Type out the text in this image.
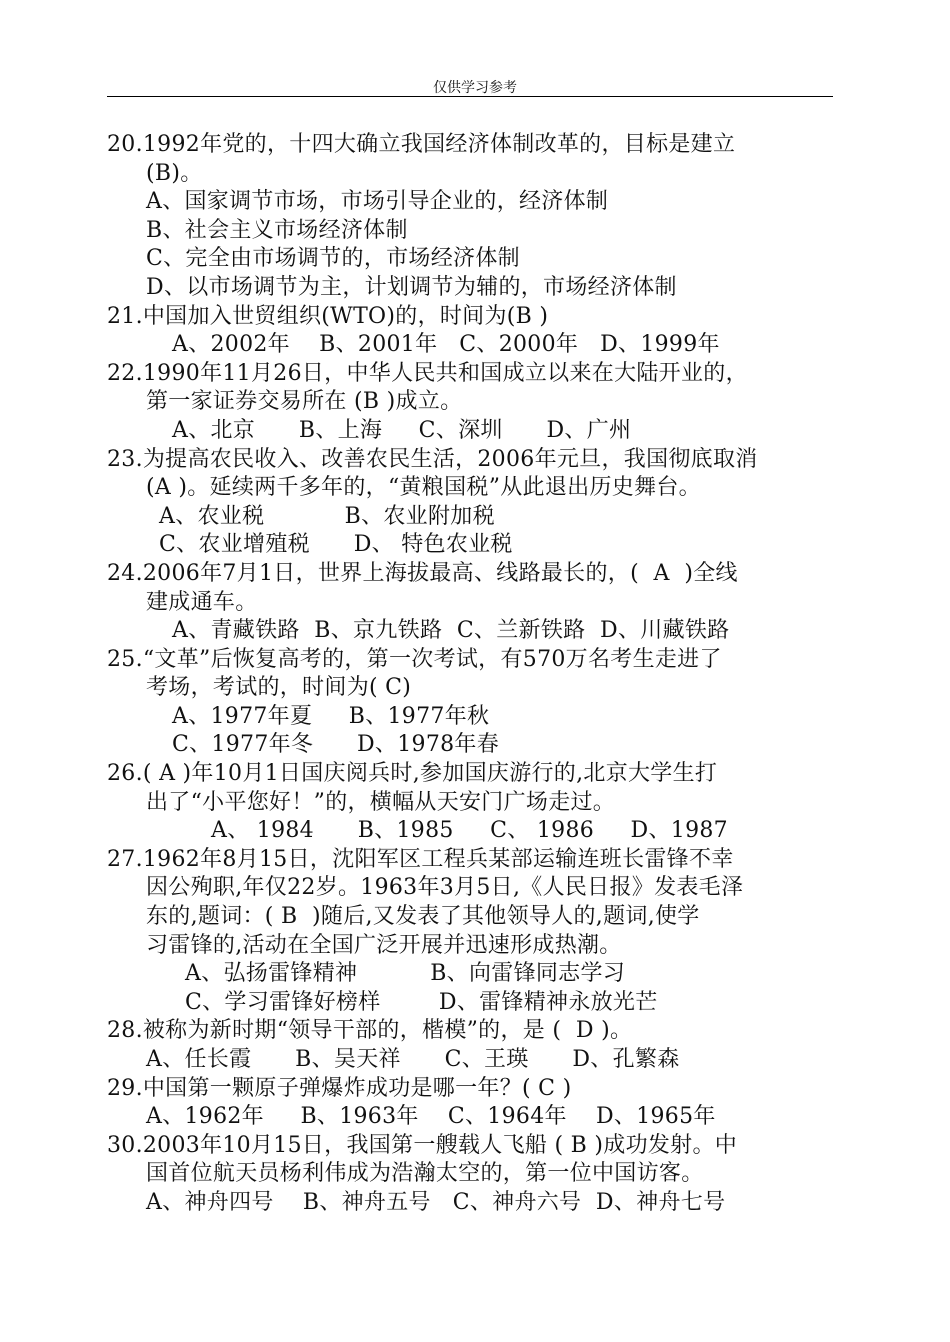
仅供学习参考
20.1992年党的，十四大确立我国经济体制改革的，目标是建立
(B)。
A、国家调节市场，市场引导企业的，经济体制
B、社会主义市场经济体制
C、完全由市场调节的，市场经济体制
D、以市场调节为主，计划调节为辅的，市场经济体制
21.中国加入世贸组织(WTO)的，时间为(B )
A、2002年    B、2001年   C、2000年   D、1999年
22.1990年11月26日，中华人民共和国成立以来在大陆开业的，
第一家证券交易所在 (B )成立。
A、北京      B、上海     C、深圳      D、广州
23.为提高农民收入、改善农民生活，2006年元旦，我国彻底取消
(A )。延续两千多年的，“黄粮国税”从此退出历史舞台。
A、农业税           B、农业附加税
C、农业增殖税      D、 特色农业税
24.2006年7月1日，世界上海拔最高、线路最长的，(  A  )全线
建成通车。
A、青藏铁路  B、京九铁路  C、兰新铁路  D、川藏铁路
25.“文革”后恢复高考的，第一次考试，有570万名考生走进了
考场，考试的，时间为( C)
A、1977年夏     B、1977年秋
C、1977年冬      D、1978年春
26.( A )年10月1日国庆阅兵时,参加国庆游行的,北京大学生打
出了“小平您好！”的，横幅从天安门广场走过。
A、 1984      B、1985     C、 1986     D、1987
27.1962年8月15日，沈阳军区工程兵某部运输连班长雷锋不幸
因公殉职,年仅22岁。1963年3月5日,《人民日报》发表毛泽
东的,题词：( B  )随后,又发表了其他领导人的,题词,使学
习雷锋的,活动在全国广泛开展并迅速形成热潮。
A、弘扬雷锋精神          B、向雷锋同志学习
C、学习雷锋好榜样        D、雷锋精神永放光芒
28.被称为新时期“领导干部的，楷模”的，是 (  D )。
A、任长霞      B、吴天祥      C、王瑛      D、孔繁森
29.中国第一颗原子弹爆炸成功是哪一年？( C )
A、1962年     B、1963年    C、1964年    D、1965年
30.2003年10月15日，我国第一艘载人飞船 ( B )成功发射。中
国首位航天员杨利伟成为浩瀚太空的，第一位中国访客。
A、神舟四号    B、神舟五号   C、神舟六号  D、神舟七号
